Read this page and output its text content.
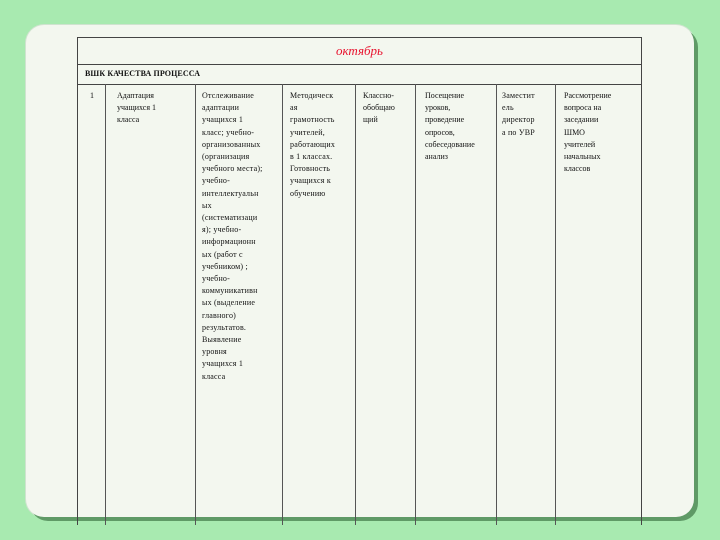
октябрь
ВШК КАЧЕСТВА ПРОЦЕССА
1	Адаптация
учащихся 1
класса
Отслеживание
адаптации
учащихся 1
класс; учебно-
организованных
(организация
учебного места);
учебно-
интеллектуальн
ых
(систематизаци
я); учебно-
информационн
ых (работ с
учебником) ;
учебно-
коммуникативн
ых (выделение
главного)
результатов.
Выявление
уровня
учащихся 1
класса
Методическ
ая
грамотность
учителей,
работающих
в 1 классах.
Готовность
учащихся к
обучению
Классно-
обобщаю
щий
Посещение
уроков,
проведение
опросов,
собеседование
анализ
Заместит
ель
директор
а по УВР
Рассмотрение
вопроса на
заседании
ШМО
учителей
начальных
классов
